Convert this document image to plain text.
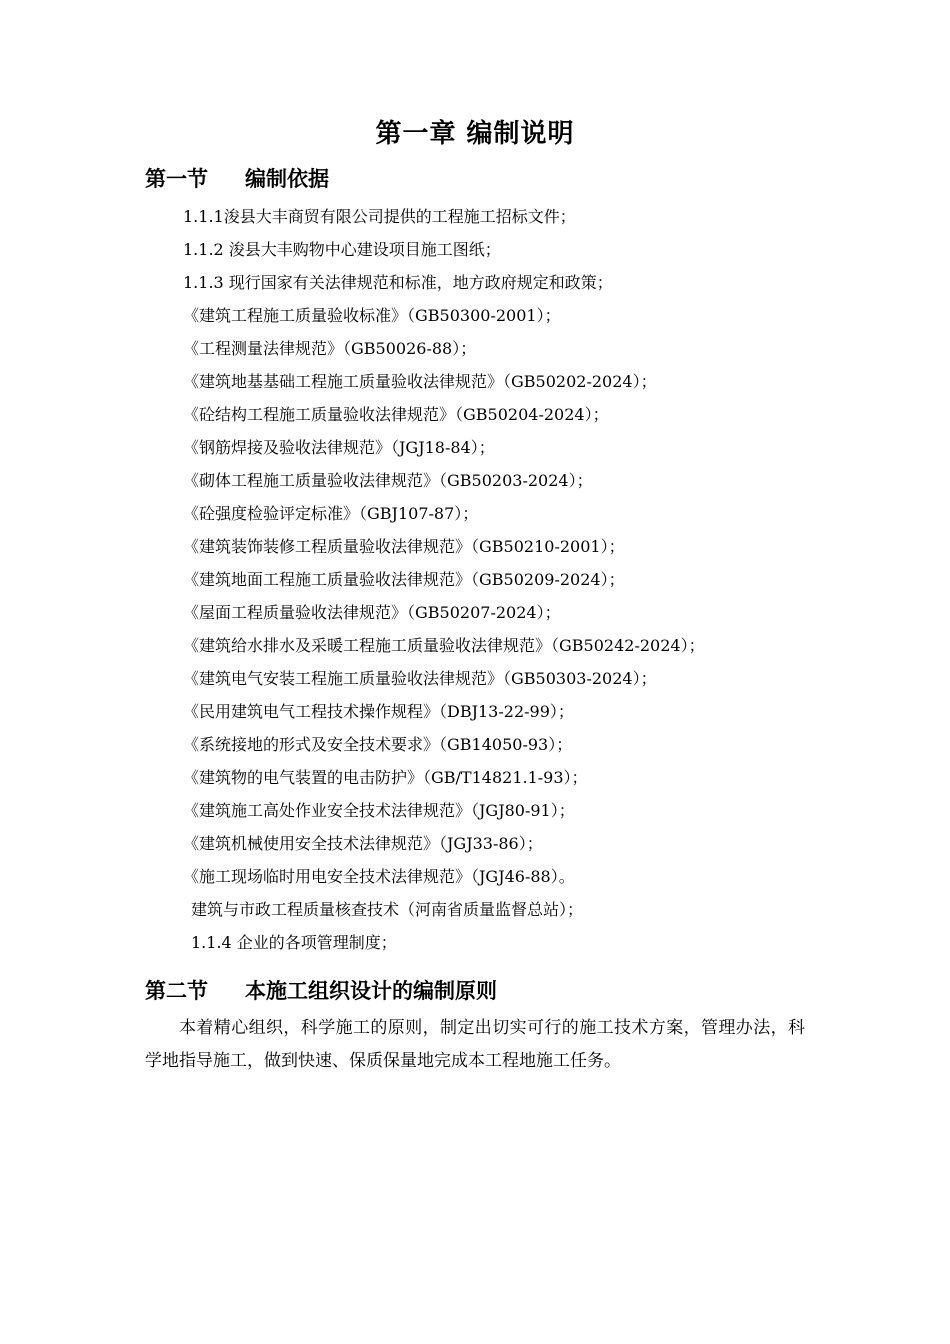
第一章 编制说明
第一节 编制依据
1.1.1浚县大丰商贸有限公司提供的工程施工招标文件；
1.1.2 浚县大丰购物中心建设项目施工图纸；
1.1.3 现行国家有关法律规范和标准，地方政府规定和政策；
《建筑工程施工质量验收标准》（GB50300-2001）；
《工程测量法律规范》（GB50026-88）；
《建筑地基基础工程施工质量验收法律规范》（GB50202-2024）；
《砼结构工程施工质量验收法律规范》（GB50204-2024）；
《钢筋焊接及验收法律规范》（JGJ18-84）；
《砌体工程施工质量验收法律规范》（GB50203-2024）；
《砼强度检验评定标准》（GBJ107-87）；
《建筑装饰装修工程质量验收法律规范》（GB50210-2001）；
《建筑地面工程施工质量验收法律规范》（GB50209-2024）；
《屋面工程质量验收法律规范》（GB50207-2024）；
《建筑给水排水及采暖工程施工质量验收法律规范》（GB50242-2024）；
《建筑电气安装工程施工质量验收法律规范》（GB50303-2024）；
《民用建筑电气工程技术操作规程》（DBJ13-22-99）；
《系统接地的形式及安全技术要求》（GB14050-93）；
《建筑物的电气装置的电击防护》（GB/T14821.1-93）；
《建筑施工高处作业安全技术法律规范》（JGJ80-91）；
《建筑机械使用安全技术法律规范》（JGJ33-86）；
《施工现场临时用电安全技术法律规范》（JGJ46-88）。
建筑与市政工程质量核查技术（河南省质量监督总站）；
1.1.4 企业的各项管理制度；
第二节 本施工组织设计的编制原则
本着精心组织，科学施工的原则，制定出切实可行的施工技术方案，管理办法，科学地指导施工，做到快速、保质保量地完成本工程地施工任务。
